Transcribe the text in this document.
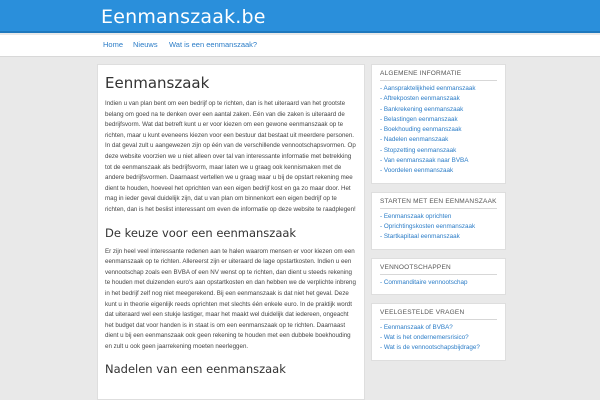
Eenmanszaak.be
Home Nieuws Wat is een eenmanszaak?
Eenmanszaak

Indien u van plan bent om een bedrijf op te richten, dan is het uiteraard van het grootste belang om goed na te denken over een aantal zaken. Eén van die zaken is uiteraard de bedrijfsvorm. Wat dat betreft kunt u er voor kiezen om een gewone eenmanszaak op te richten, maar u kunt eveneens kiezen voor een bestuur dat bestaat uit meerdere personen. In dat geval zult u aangewezen zijn op één van de verschillende vennootschapsvormen. Op deze website voorzien we u niet alleen over tal van interessante informatie met betrekking tot de eenmanszaak als bedrijfsvorm, maar laten we u graag ook kennismaken met de andere bedrijfsvormen. Daarnaast vertellen we u graag waar u bij de opstart rekening mee dient te houden, hoeveel het oprichten van een eigen bedrijf kost en ga zo maar door. Het mag in ieder geval duidelijk zijn, dat u van plan om binnenkort een eigen bedrijf op te richten, dan is het beslist interessant om even de informatie op deze website te raadplegen!

De keuze voor een eenmanszaak

Er zijn heel veel interessante redenen aan te halen waarom mensen er voor kiezen om een eenmanszaak op te richten. Allereerst zijn er uiteraard de lage opstartkosten. Indien u een vennootschap zoals een BVBA of een NV wenst op te richten, dan dient u steeds rekening te houden met duizenden euro's aan opstartkosten en dan hebben we de verplichte inbreng in het bedrijf zelf nog niet meegerekend. Bij een eenmanszaak is dat niet het geval. Deze kunt u in theorie eigenlijk reeds oprichten met slechts één enkele euro. In de praktijk wordt dat uiteraard wel een stukje lastiger, maar het maakt wel duidelijk dat iedereen, ongeacht het budget dat voor handen is in staat is om een eenmanszaak op te richten. Daarnaast dient u bij een eenmanszaak ook geen rekening te houden met een dubbele boekhouding en zult u ook geen jaarrekening moeten neerleggen.

Nadelen van een eenmanszaak
ALGEMENE INFORMATIE
- Aanspraktelijkheid eenmanszaak
- Aftrekposten eenmanszaak
- Bankrekening eenmanszaak
- Belastingen eenmanszaak
- Boekhouding eenmanszaak
- Nadelen eenmanszaak
- Stopzetting eenmanszaak
- Van eenmanszaak naar BVBA
- Voordelen eenmanszaak
STARTEN MET EEN EENMANSZAAK
- Eenmanszaak oprichten
- Oprichtingskosten eenmanszaak
- Startkapitaal eenmanszaak
VENNOOTSCHAPPEN
- Commanditaire vennootschap
VEELGESTELDE VRAGEN
- Eenmanszaak of BVBA?
- Wat is het ondernemersrisico?
- Wat is de vennootschapsbijdrage?
